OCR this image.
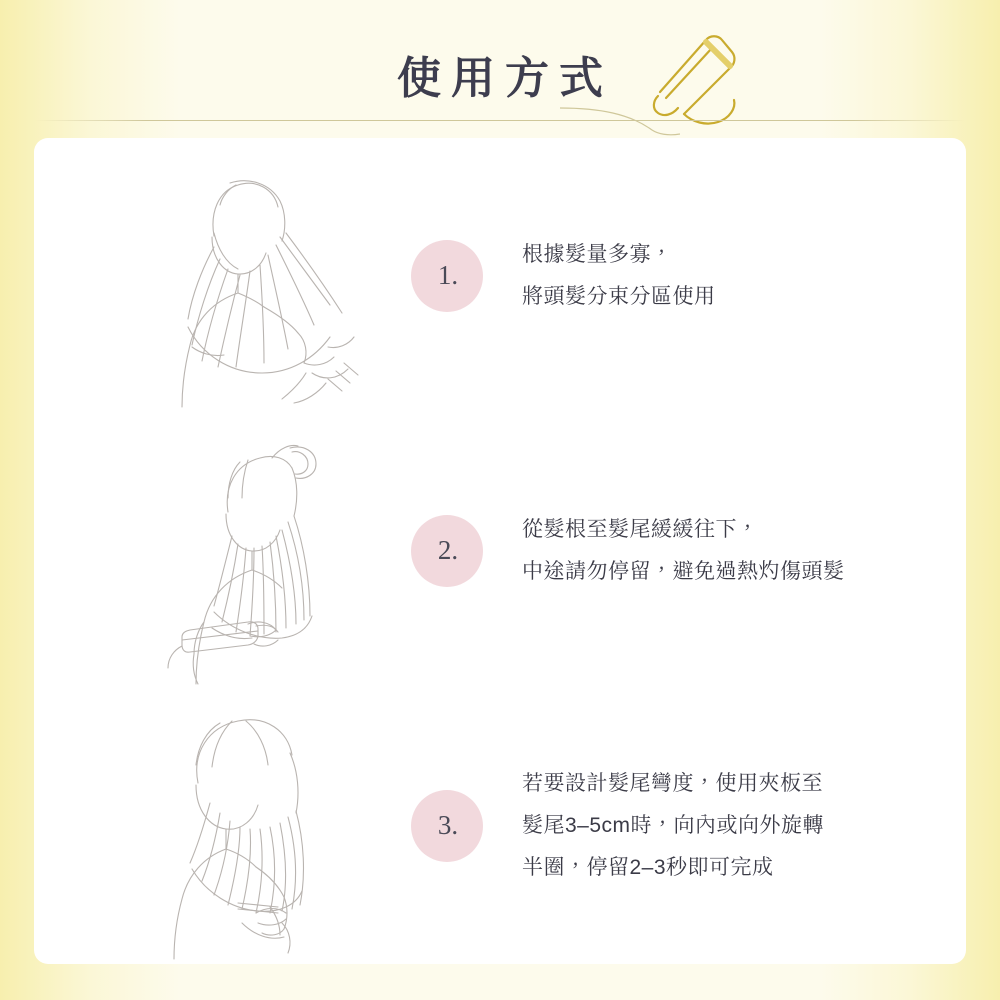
使用方式
1.
根據髮量多寡，
將頭髮分束分區使用
2.
從髮根至髮尾緩緩往下，
中途請勿停留，避免過熱灼傷頭髮
3.
若要設計髮尾彎度，使用夾板至
髮尾3–5cm時，向內或向外旋轉
半圈，停留2–3秒即可完成
